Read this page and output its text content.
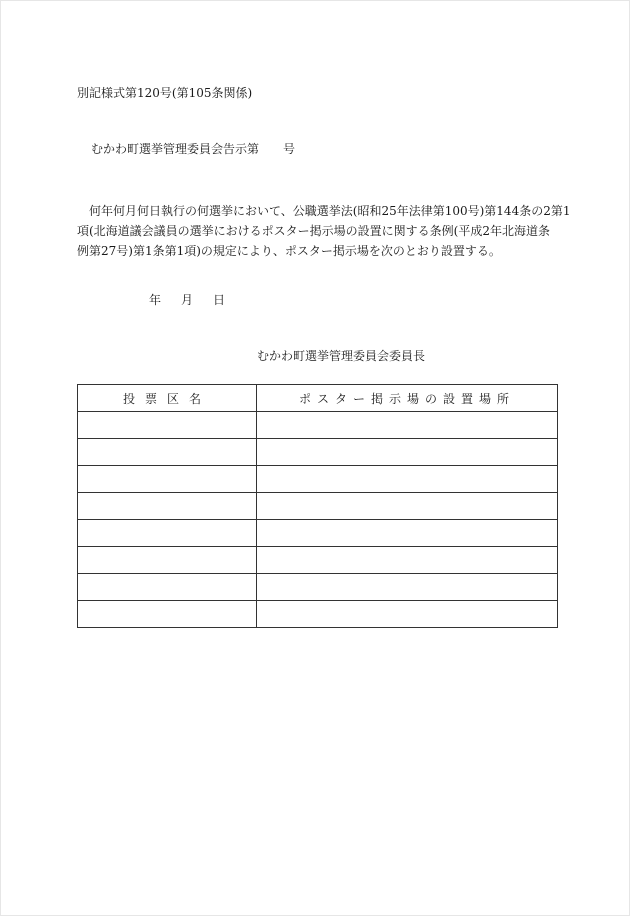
別記様式第120号(第105条関係)
むかわ町選挙管理委員会告示第　　号
何年何月何日執行の何選挙において、公職選挙法(昭和25年法律第100号)第144条の2第1
項(北海道議会議員の選挙におけるポスター掲示場の設置に関する条例(平成2年北海道条
例第27号)第1条第1項)の規定により、ポスター掲示場を次のとおり設置する。
年 月 日
むかわ町選挙管理委員会委員長
投票区名	ポスター掲示場の設置場所
